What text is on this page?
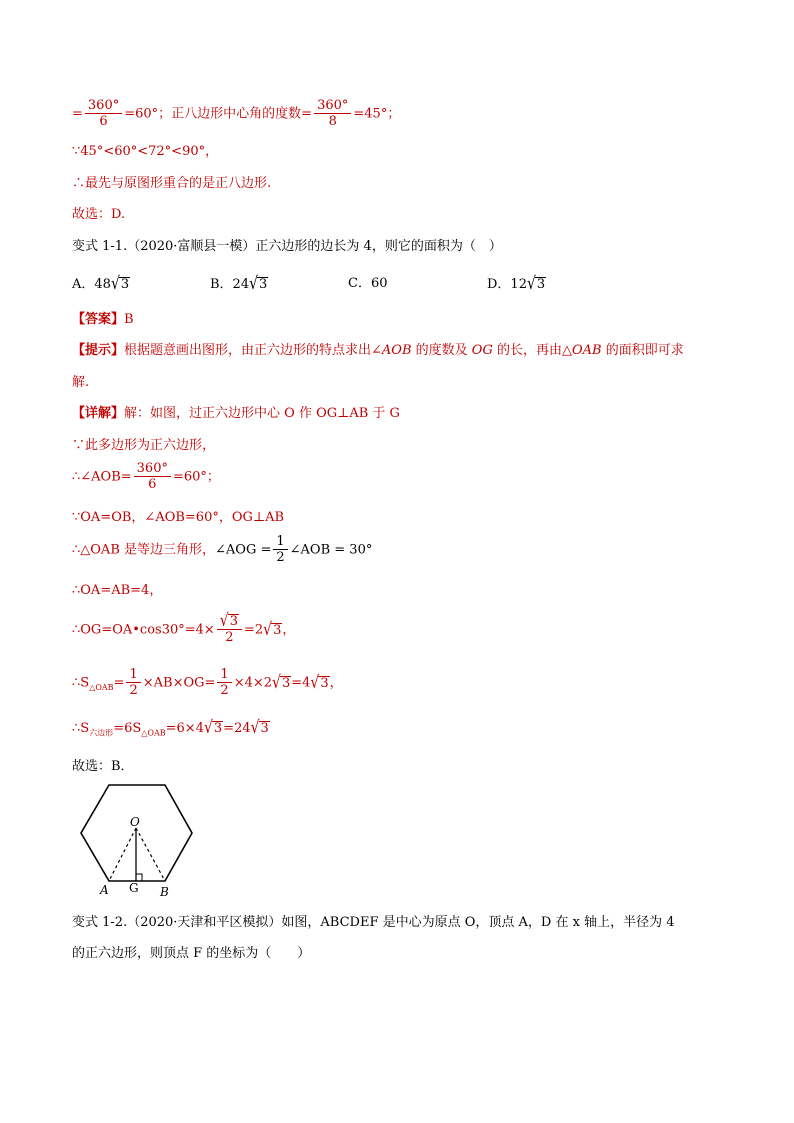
= $\frac{360^\circ}{6} =60^\circ$；正八边形中心角的度数= $\frac{360^\circ}{8} =45^\circ$；
∵45°<60°<72°<90°，
∴最先与原图形重合的是正八边形.
故选：D.
变式 1-1.（2020·富顺县一模）正六边形的边长为 4，则它的面积为（　）
A．48√3	B．24√3	C．60	D．12√3
【答案】B
【提示】根据题意画出图形，由正六边形的特点求出∠AOB 的度数及 OG 的长，再由△OAB 的面积即可求
解.
【详解】解：如图，过正六边形中心 O 作 OG⊥AB 于 G
∵此多边形为正六边形，
∴∠AOB= $\frac{360^\circ}{6} =60^\circ$；
∵OA=OB，∠AOB=60°，OG⊥AB
∴△OAB 是等边三角形，∠AOG = $\frac{1}{2}$ ∠AOB = 30°
∴OA=AB=4，
∴OG=OA•cos30°=4× $\frac{√3}{2} =2√3$，
$\therefore S_{\triangle OAB}= \frac{1}{2} \times AB\times OG= \frac{1}{2} \times 4\times 2√3=4√3$，
$\therefore S_{六边形}=6S_{\triangle OAB}=6\times 4√3=24√3$
故选：B．
O
A G B
变式 1-2.（2020·天津和平区模拟）如图，ABCDEF 是中心为原点 O，顶点 A，D 在 x 轴上，半径为 4
的正六边形，则顶点 F 的坐标为（　　）
